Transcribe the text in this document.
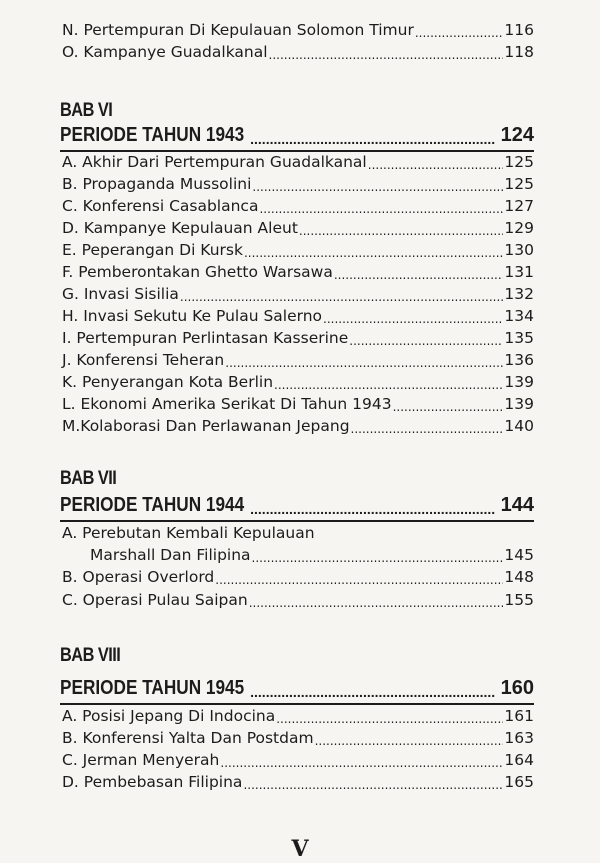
N. Pertempuran Di Kepulauan Solomon Timur .....	116
O. Kampanye Guadalkanal .....	118
BAB VI
PERIODE TAHUN 1943 .....	124
A. Akhir Dari Pertempuran Guadalkanal .....	125
B. Propaganda Mussolini .....	125
C. Konferensi Casablanca .....	127
D. Kampanye Kepulauan Aleut .....	129
E. Peperangan Di Kursk .....	130
F. Pemberontakan Ghetto Warsawa .....	131
G. Invasi Sisilia .....	132
H. Invasi Sekutu Ke Pulau Salerno .....	134
I. Pertempuran Perlintasan Kasserine .....	135
J. Konferensi Teheran .....	136
K. Penyerangan Kota Berlin .....	139
L. Ekonomi Amerika Serikat Di Tahun 1943 .....	139
M.Kolaborasi Dan Perlawanan Jepang .....	140
BAB VII
PERIODE TAHUN 1944 .....	144
A. Perebutan Kembali Kepulauan
Marshall Dan Filipina .....	145
B. Operasi Overlord .....	148
C. Operasi Pulau Saipan .....	155
BAB VIII
PERIODE TAHUN 1945 .....	160
A. Posisi Jepang Di Indocina .....	161
B. Konferensi Yalta Dan Postdam .....	163
C. Jerman Menyerah .....	164
D. Pembebasan Filipina .....	165
V
